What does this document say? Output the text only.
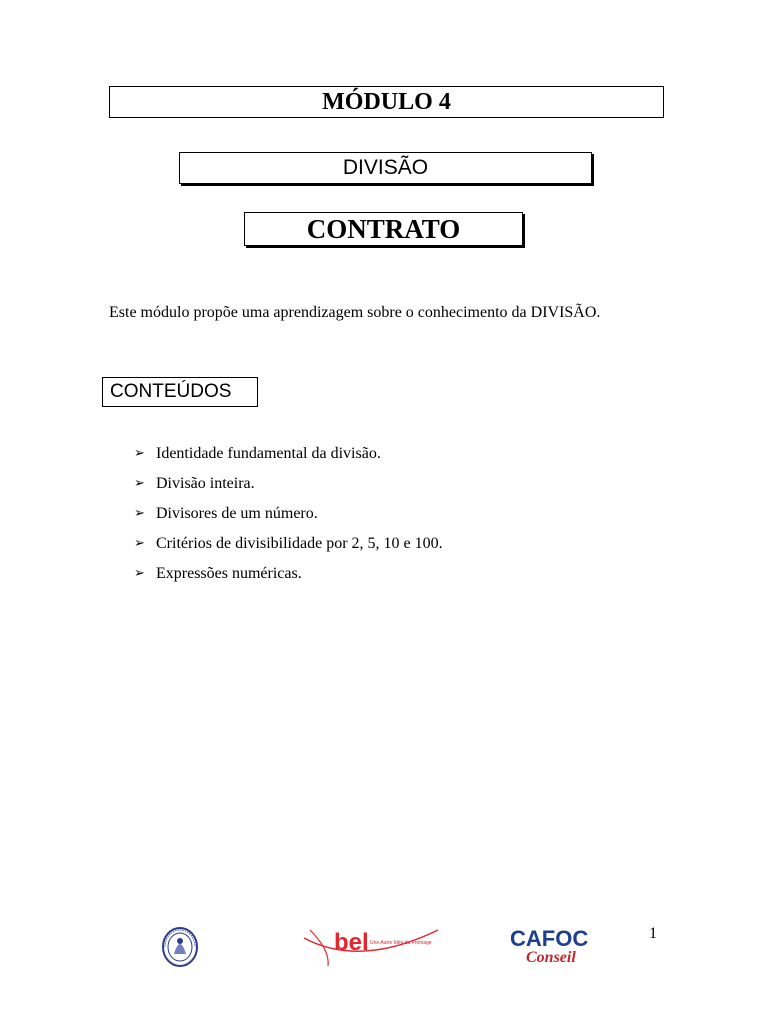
MÓDULO 4
DIVISÃO
CONTRATO

Este módulo propõe uma aprendizagem sobre o conhecimento da DIVISÃO.

CONTEÚDOS
➢ Identidade fundamental da divisão.
➢ Divisão inteira.
➢ Divisores de um número.
➢ Critérios de divisibilidade por 2, 5, 10 e 100.
➢ Expressões numéricas.
bel Une Autre Idée du Fromage	CAFOC
Conseil
1
